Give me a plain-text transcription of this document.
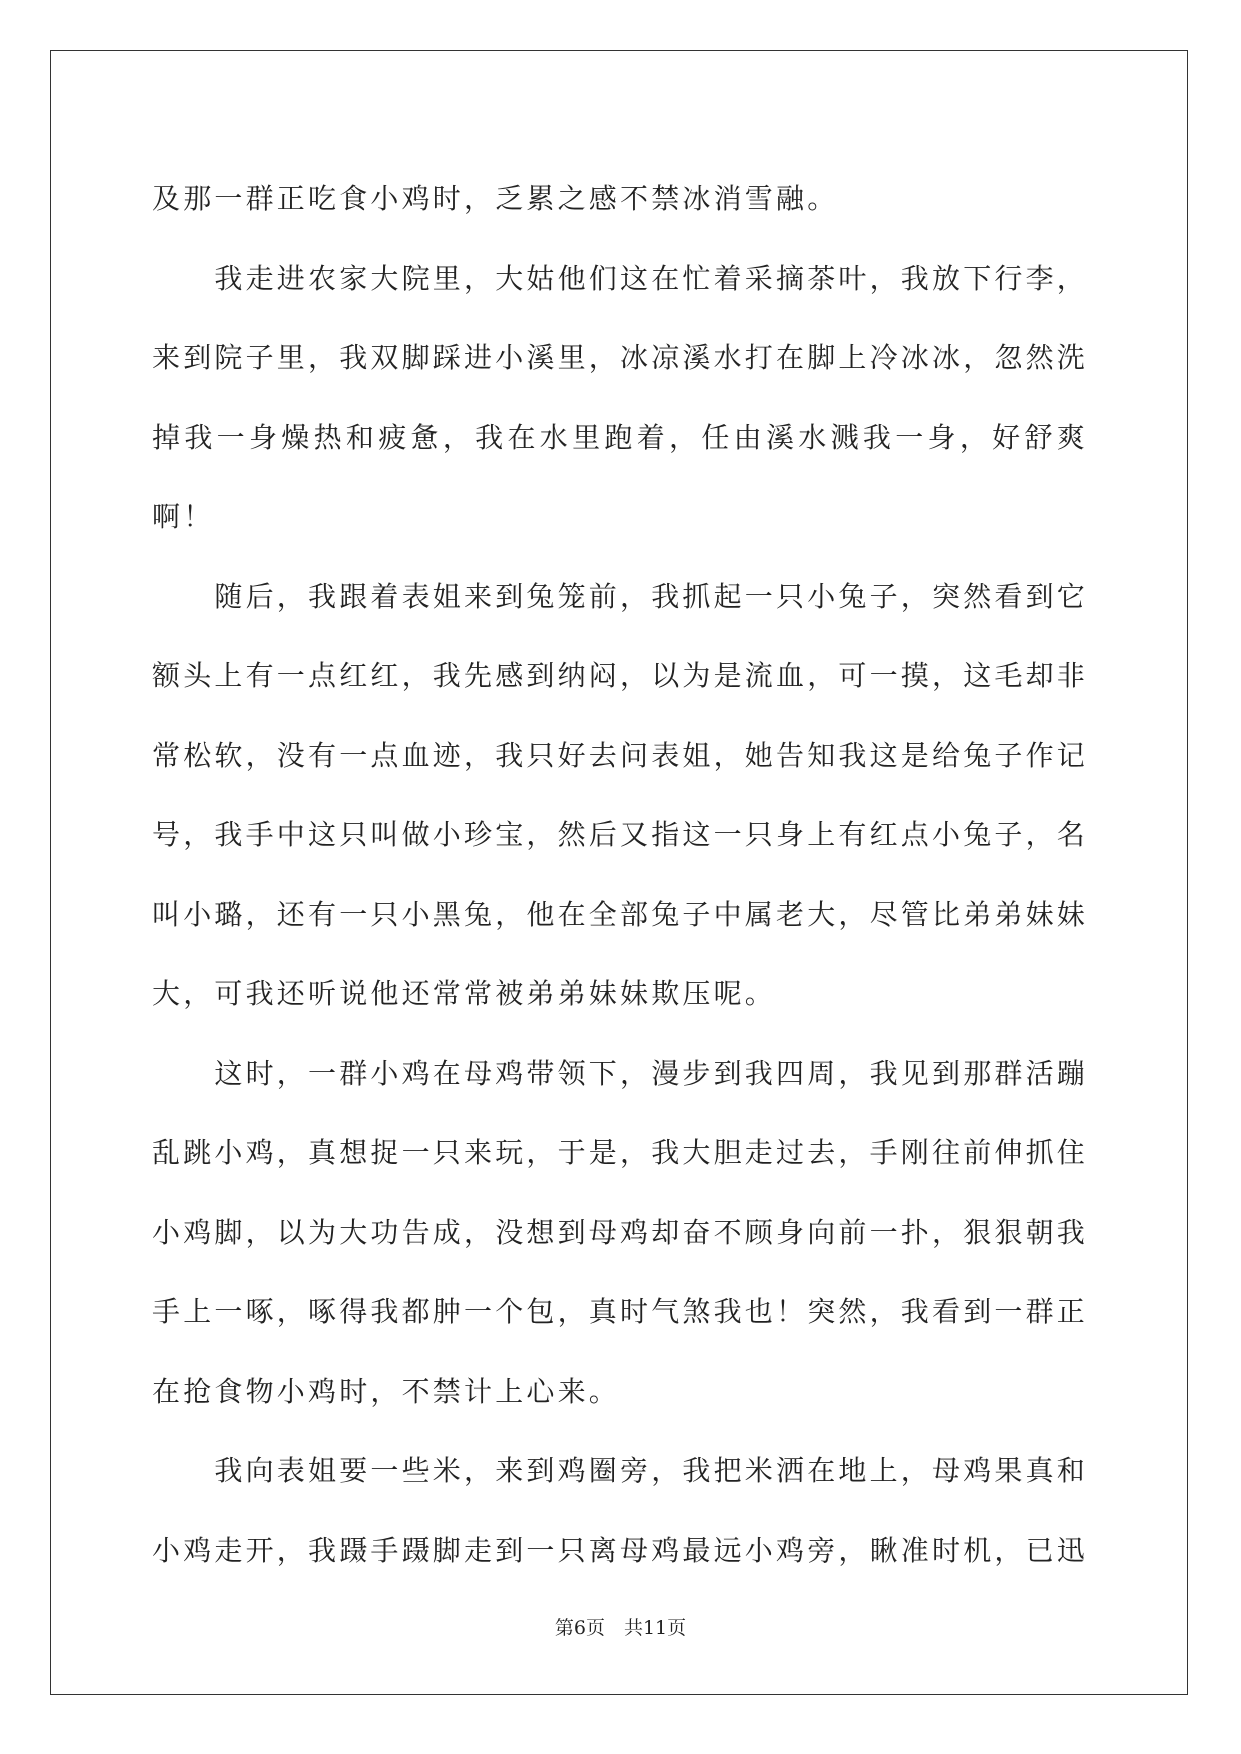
及那一群正吃食小鸡时，乏累之感不禁冰消雪融。

　　我走进农家大院里，大姑他们这在忙着采摘茶叶，我放下行李，来到院子里，我双脚踩进小溪里，冰凉溪水打在脚上冷冰冰，忽然洗掉我一身燥热和疲惫，我在水里跑着，任由溪水溅我一身，好舒爽啊！

　　随后，我跟着表姐来到兔笼前，我抓起一只小兔子，突然看到它额头上有一点红红，我先感到纳闷，以为是流血，可一摸，这毛却非常松软，没有一点血迹，我只好去问表姐，她告知我这是给兔子作记号，我手中这只叫做小珍宝，然后又指这一只身上有红点小兔子，名叫小璐，还有一只小黑兔，他在全部兔子中属老大，尽管比弟弟妹妹大，可我还听说他还常常被弟弟妹妹欺压呢。

　　这时，一群小鸡在母鸡带领下，漫步到我四周，我见到那群活蹦乱跳小鸡，真想捉一只来玩，于是，我大胆走过去，手刚往前伸抓住小鸡脚，以为大功告成，没想到母鸡却奋不顾身向前一扑，狠狠朝我手上一啄，啄得我都肿一个包，真时气煞我也！突然，我看到一群正在抢食物小鸡时，不禁计上心来。

　　我向表姐要一些米，来到鸡圈旁，我把米洒在地上，母鸡果真和小鸡走开，我蹑手蹑脚走到一只离母鸡最远小鸡旁，瞅准时机，已迅

第6页　共11页
